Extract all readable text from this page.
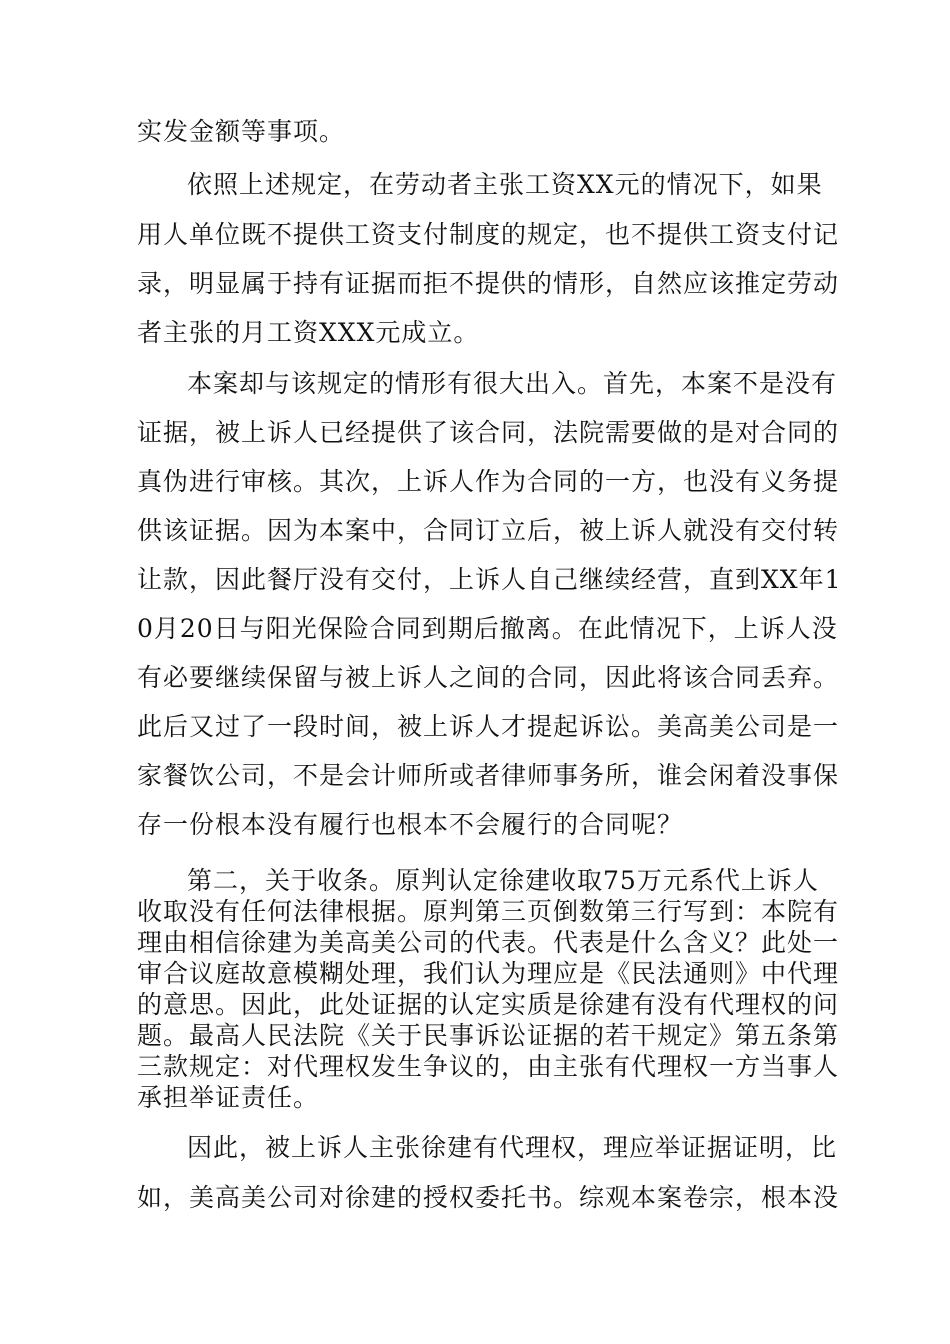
实发金额等事项。
依照上述规定，在劳动者主张工资XX元的情况下，如果
用人单位既不提供工资支付制度的规定，也不提供工资支付记
录，明显属于持有证据而拒不提供的情形，自然应该推定劳动
者主张的月工资XXX元成立。
本案却与该规定的情形有很大出入。首先，本案不是没有
证据，被上诉人已经提供了该合同，法院需要做的是对合同的
真伪进行审核。其次，上诉人作为合同的一方，也没有义务提
供该证据。因为本案中，合同订立后，被上诉人就没有交付转
让款，因此餐厅没有交付，上诉人自己继续经营，直到XX年1
0月20日与阳光保险合同到期后撤离。在此情况下，上诉人没
有必要继续保留与被上诉人之间的合同，因此将该合同丢弃。
此后又过了一段时间，被上诉人才提起诉讼。美高美公司是一
家餐饮公司，不是会计师所或者律师事务所，谁会闲着没事保
存一份根本没有履行也根本不会履行的合同呢？
第二，关于收条。原判认定徐建收取75万元系代上诉人
收取没有任何法律根据。原判第三页倒数第三行写到：本院有
理由相信徐建为美高美公司的代表。代表是什么含义？此处一
审合议庭故意模糊处理，我们认为理应是《民法通则》中代理
的意思。因此，此处证据的认定实质是徐建有没有代理权的问
题。最高人民法院《关于民事诉讼证据的若干规定》第五条第
三款规定：对代理权发生争议的，由主张有代理权一方当事人
承担举证责任。
因此，被上诉人主张徐建有代理权，理应举证据证明，比
如，美高美公司对徐建的授权委托书。综观本案卷宗，根本没
